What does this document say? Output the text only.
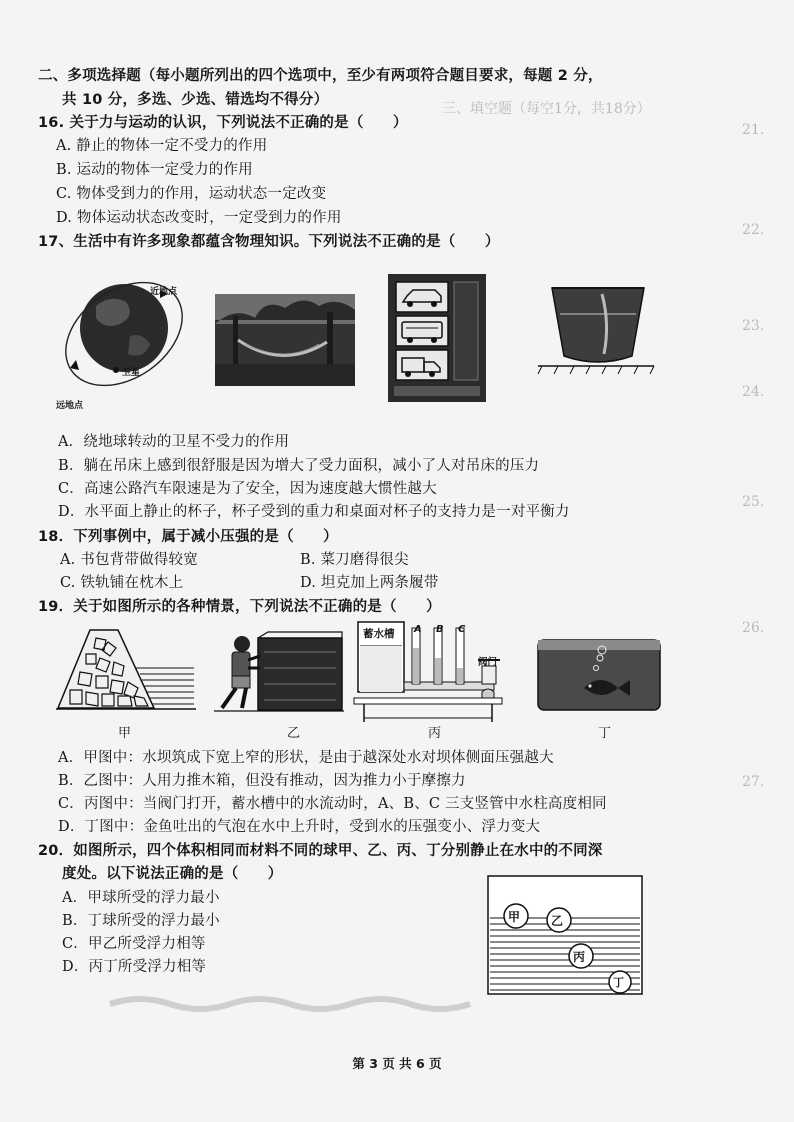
三、填空题（每空1分，共18分）
21.
22.
23.
24.
25.
26.
27.
二、多项选择题（每小题所列出的四个选项中，至少有两项符合题目要求，每题 2 分，
共 10 分，多选、少选、错选均不得分）
16. 关于力与运动的认识，下列说法不正确的是（　　）
A. 静止的物体一定不受力的作用
B. 运动的物体一定受力的作用
C. 物体受到力的作用，运动状态一定改变
D. 物体运动状态改变时，一定受到力的作用
17、生活中有许多现象都蕴含物理知识。下列说法不正确的是（　　）
近地点
卫星
远地点
A．绕地球转动的卫星不受力的作用
B．躺在吊床上感到很舒服是因为增大了受力面积，减小了人对吊床的压力
C．高速公路汽车限速是为了安全，因为速度越大惯性越大
D．水平面上静止的杯子，杯子受到的重力和桌面对杯子的支持力是一对平衡力
18．下列事例中，属于减小压强的是（　　）
A. 书包背带做得较宽	B. 菜刀磨得很尖
C. 铁轨铺在枕木上	D. 坦克加上两条履带
19．关于如图所示的各种情景，下列说法不正确的是（　　）
蓄水槽 A B C
阀门
甲	乙	丙	丁
A．甲图中：水坝筑成下宽上窄的形状，是由于越深处水对坝体侧面压强越大
B．乙图中：人用力推木箱，但没有推动，因为推力小于摩擦力
C．丙图中：当阀门打开，蓄水槽中的水流动时，A、B、C 三支竖管中水柱高度相同
D．丁图中：金鱼吐出的气泡在水中上升时，受到水的压强变小、浮力变大
20．如图所示，四个体积相同而材料不同的球甲、乙、丙、丁分别静止在水中的不同深
度处。以下说法正确的是（　　）
A．甲球所受的浮力最小
B．丁球所受的浮力最小
C．甲乙所受浮力相等
D．丙丁所受浮力相等
甲	乙
丙
丁
第 3 页 共 6 页
